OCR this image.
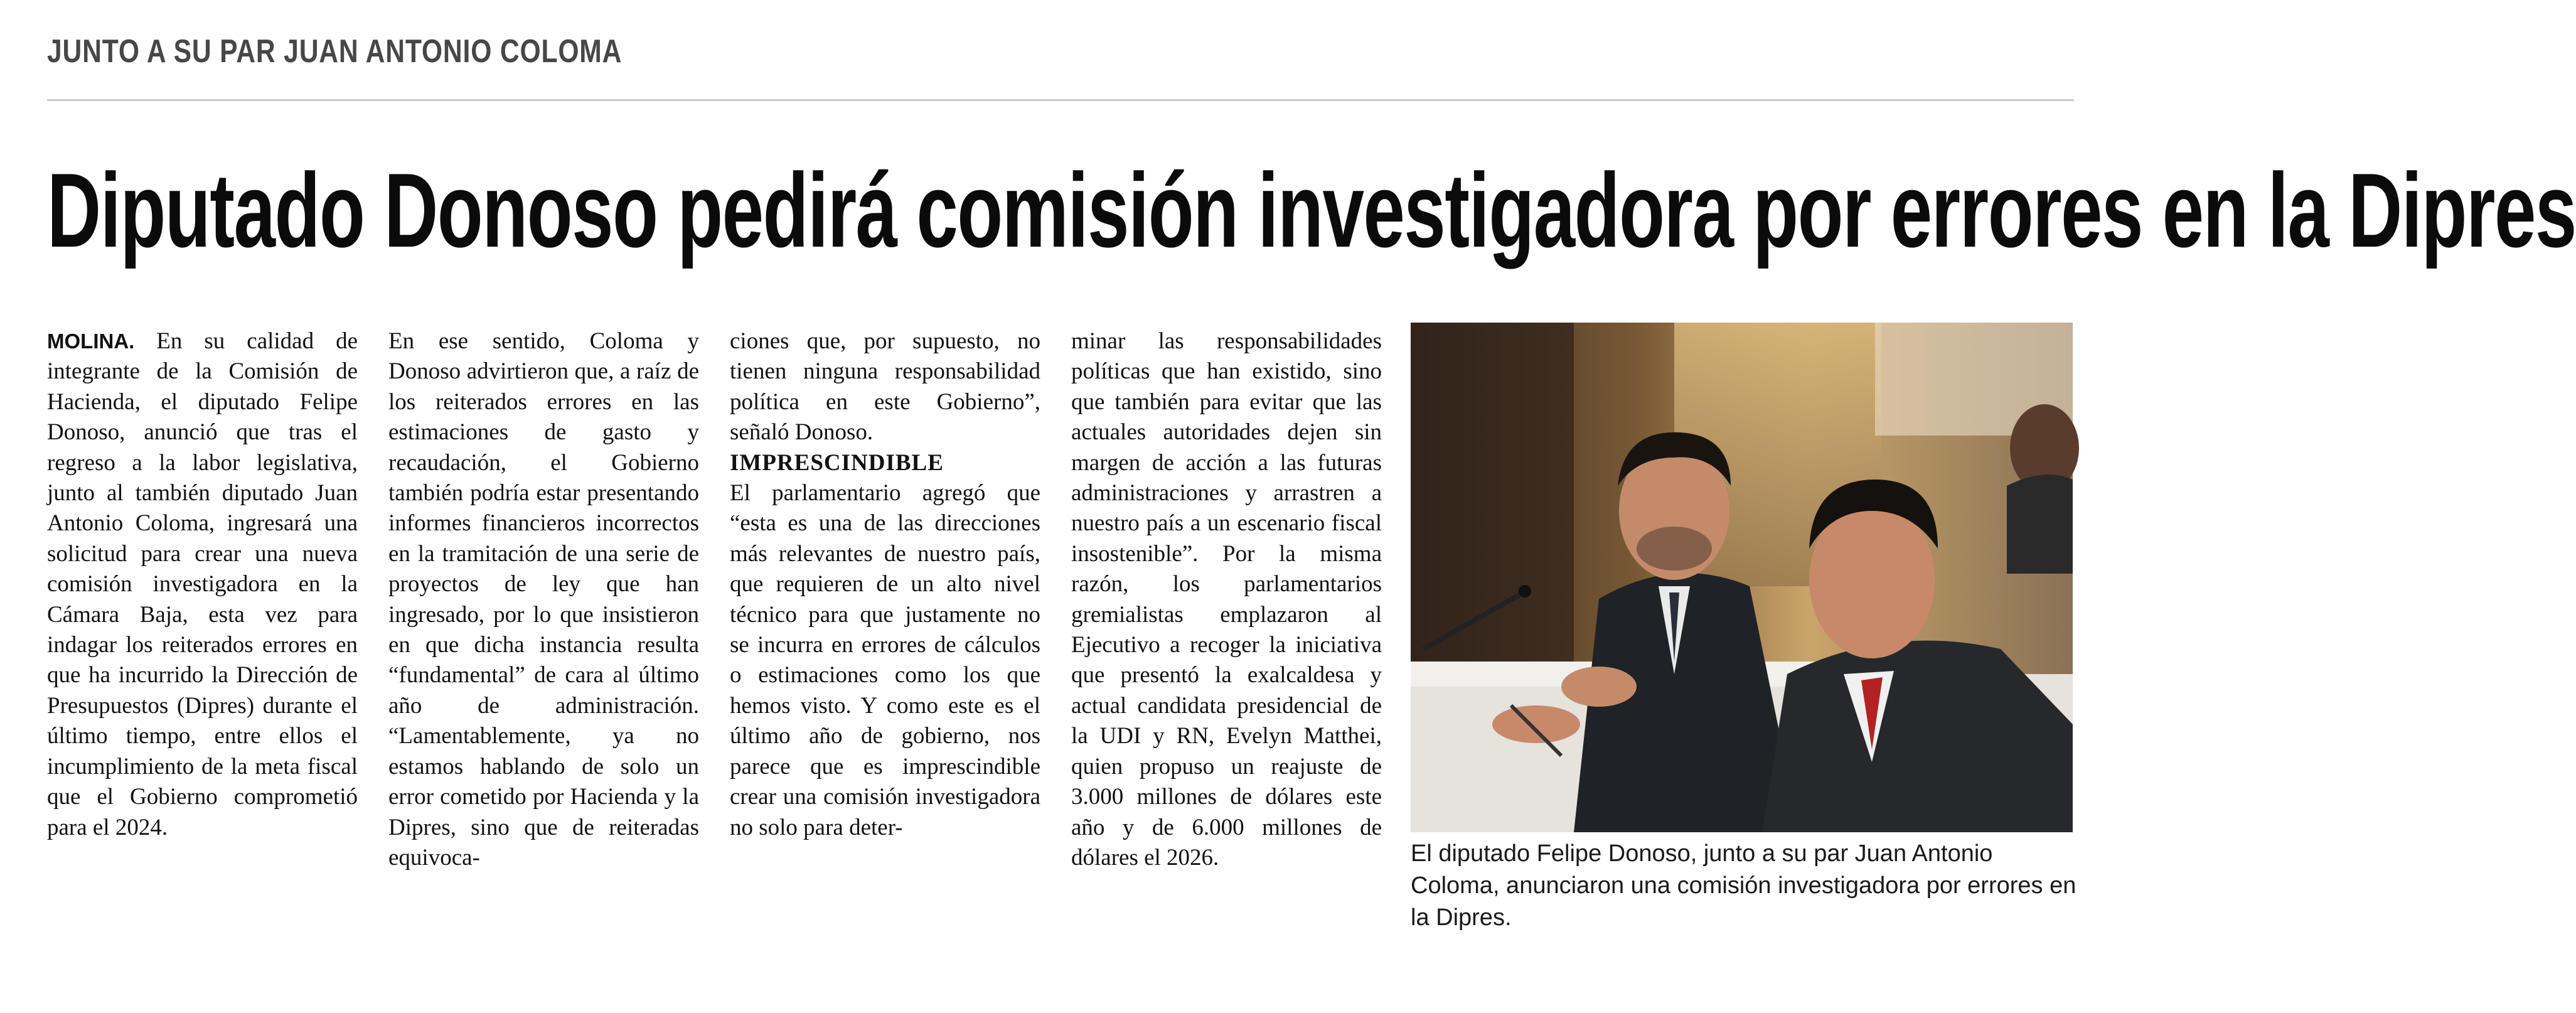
JUNTO A SU PAR JUAN ANTONIO COLOMA
Diputado Donoso pedirá comisión investigadora por errores en la Dipres

MOLINA. En su calidad de integrante de la Comisión de Hacienda, el diputado Felipe Donoso, anunció que tras el regreso a la labor legislativa, junto al también diputado Juan Antonio Coloma, ingresará una solicitud para crear una nueva comisión investigadora en la Cámara Baja, esta vez para indagar los reiterados errores en que ha incurrido la Dirección de Presupuestos (Dipres) durante el último tiempo, entre ellos el incumplimiento de la meta fiscal que el Gobierno comprometió para el 2024.

En ese sentido, Coloma y Donoso advirtieron que, a raíz de los reiterados errores en las estimaciones de gasto y recaudación, el Gobierno también podría estar presentando informes financieros incorrectos en la tramitación de una serie de proyectos de ley que han ingresado, por lo que insistieron en que dicha instancia resulta “fundamental” de cara al último año de administración. “Lamentablemente, ya no estamos hablando de solo un error cometido por Hacienda y la Dipres, sino que de reiteradas equivoca-

ciones que, por supuesto, no tienen ninguna responsabilidad política en este Gobierno”, señaló Donoso.

IMPRESCINDIBLE

El parlamentario agregó que “esta es una de las direcciones más relevantes de nuestro país, que requieren de un alto nivel técnico para que justamente no se incurra en errores de cálculos o estimaciones como los que hemos visto. Y como este es el último año de gobierno, nos parece que es imprescindible crear una comisión investigadora no solo para deter-

minar las responsabilidades políticas que han existido, sino que también para evitar que las actuales autoridades dejen sin margen de acción a las futuras administraciones y arrastren a nuestro país a un escenario fiscal insostenible”. Por la misma razón, los parlamentarios gremialistas emplazaron al Ejecutivo a recoger la iniciativa que presentó la exalcaldesa y actual candidata presidencial de la UDI y RN, Evelyn Matthei, quien propuso un reajuste de 3.000 millones de dólares este año y de 6.000 millones de dólares el 2026.	El diputado Felipe Donoso, junto a su par Juan Antonio Coloma, anunciaron una comisión investigadora por errores en la Dipres.
